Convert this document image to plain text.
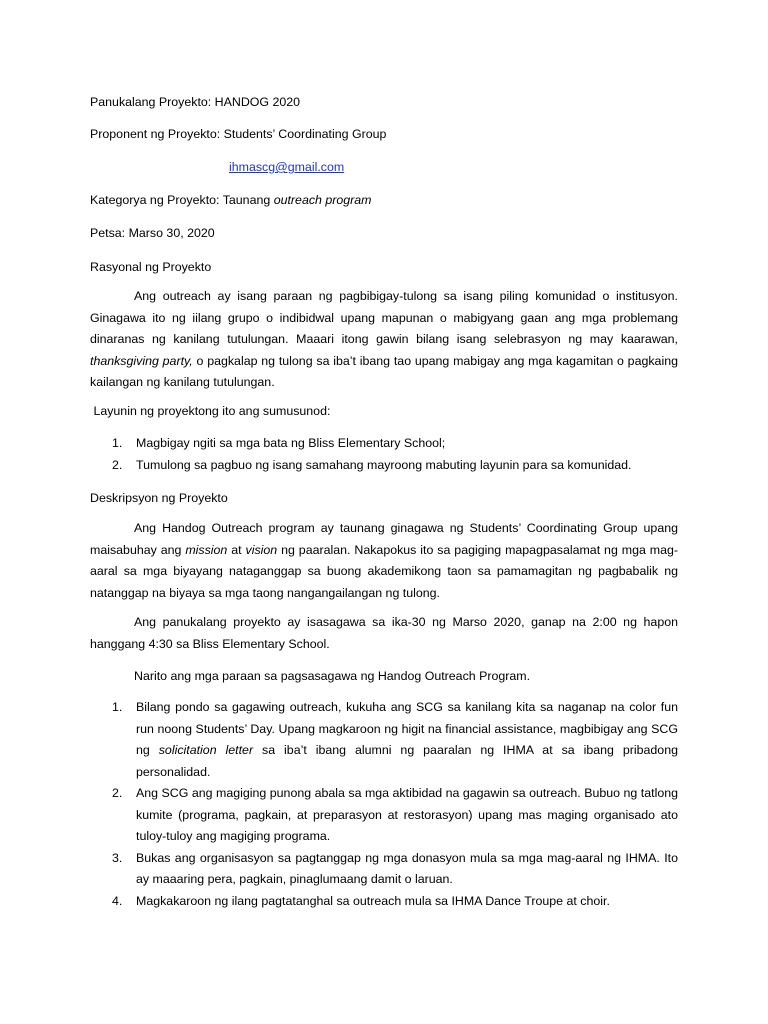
Panukalang Proyekto: HANDOG 2020
Proponent ng Proyekto: Students’ Coordinating Group
ihmascg@gmail.com
Kategorya ng Proyekto: Taunang outreach program
Petsa: Marso 30, 2020
Rasyonal ng Proyekto
Ang outreach ay isang paraan ng pagbibigay-tulong sa isang piling komunidad o institusyon. Ginagawa ito ng iilang grupo o indibidwal upang mapunan o mabigyang gaan ang mga problemang dinaranas ng kanilang tutulungan. Maaari itong gawin bilang isang selebrasyon ng may kaarawan, thanksgiving party, o pagkalap ng tulong sa iba’t ibang tao upang mabigay ang mga kagamitan o pagkaing kailangan ng kanilang tutulungan.
Layunin ng proyektong ito ang sumusunod:
1. Magbigay ngiti sa mga bata ng Bliss Elementary School;
2. Tumulong sa pagbuo ng isang samahang mayroong mabuting layunin para sa komunidad.
Deskripsyon ng Proyekto
Ang Handog Outreach program ay taunang ginagawa ng Students’ Coordinating Group upang maisabuhay ang mission at vision ng paaralan. Nakapokus ito sa pagiging mapagpasalamat ng mga mag-aaral sa mga biyayang nataganggap sa buong akademikong taon sa pamamagitan ng pagbabalik ng natanggap na biyaya sa mga taong nangangailangan ng tulong.
Ang panukalang proyekto ay isasagawa sa ika-30 ng Marso 2020, ganap na 2:00 ng hapon hanggang 4:30 sa Bliss Elementary School.
Narito ang mga paraan sa pagsasagawa ng Handog Outreach Program.
1. Bilang pondo sa gagawing outreach, kukuha ang SCG sa kanilang kita sa naganap na color fun run noong Students’ Day. Upang magkaroon ng higit na financial assistance, magbibigay ang SCG ng solicitation letter sa iba’t ibang alumni ng paaralan ng IHMA at sa ibang pribadong personalidad.
2. Ang SCG ang magiging punong abala sa mga aktibidad na gagawin sa outreach. Bubuo ng tatlong kumite (programa, pagkain, at preparasyon at restorasyon) upang mas maging organisado ato tuloy-tuloy ang magiging programa.
3. Bukas ang organisasyon sa pagtanggap ng mga donasyon mula sa mga mag-aaral ng IHMA. Ito ay maaaring pera, pagkain, pinaglumaang damit o laruan.
4. Magkakaroon ng ilang pagtatanghal sa outreach mula sa IHMA Dance Troupe at choir.
